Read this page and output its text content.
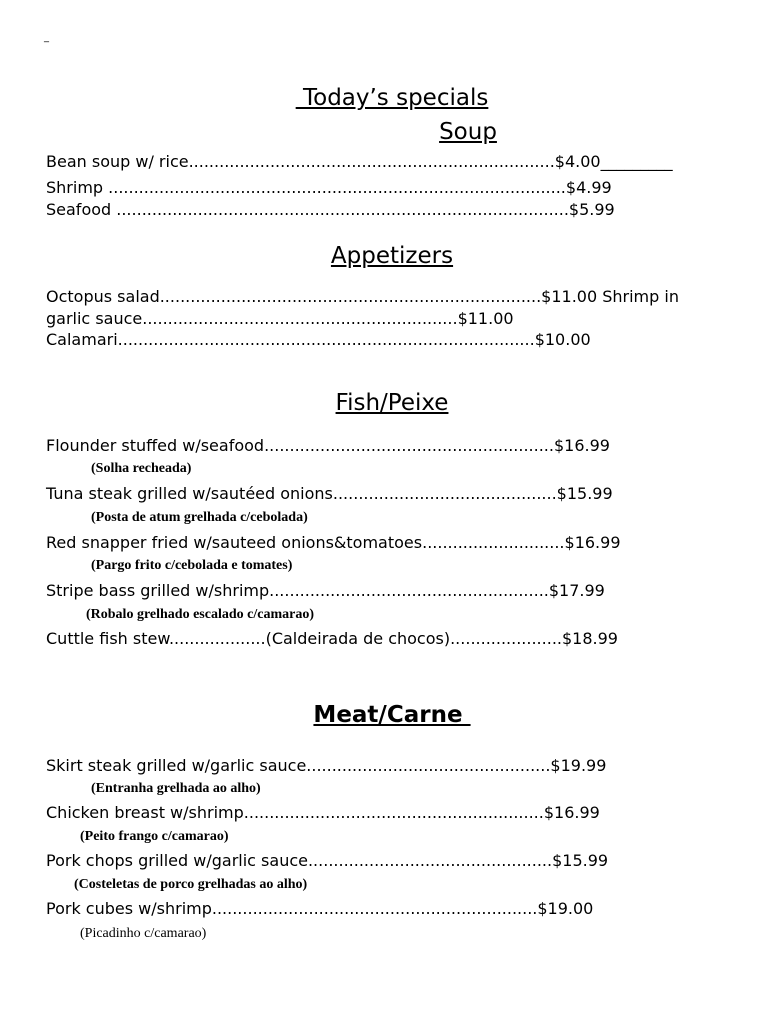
_
Today’s specials
Soup
Bean soup w/ rice........................................................................$4.00_________
Shrimp ..........................................................................................$4.99
Seafood .........................................................................................$5.99
Appetizers
Octopus salad...........................................................................$11.00 Shrimp in
garlic sauce..............................................................$11.00
Calamari..................................................................................$10.00
Fish/Peixe
Flounder stuffed w/seafood.........................................................$16.99
(Solha recheada)
Tuna steak grilled w/sautéed onions............................................$15.99
(Posta de atum grelhada c/cebolada)
Red snapper fried w/sauteed onions&tomatoes............................$16.99
(Pargo frito c/cebolada e tomates)
Stripe bass grilled w/shrimp.......................................................$17.99
(Robalo grelhado escalado c/camarao)
Cuttle fish stew...................(Caldeirada de chocos)......................$18.99
Meat/Carne
Skirt steak grilled w/garlic sauce................................................$19.99
(Entranha grelhada ao alho)
Chicken breast w/shrimp...........................................................$16.99
(Peito frango c/camarao)
Pork chops grilled w/garlic sauce................................................$15.99
(Costeletas de porco grelhadas ao alho)
Pork cubes w/shrimp................................................................$19.00
(Picadinho c/camarao)
